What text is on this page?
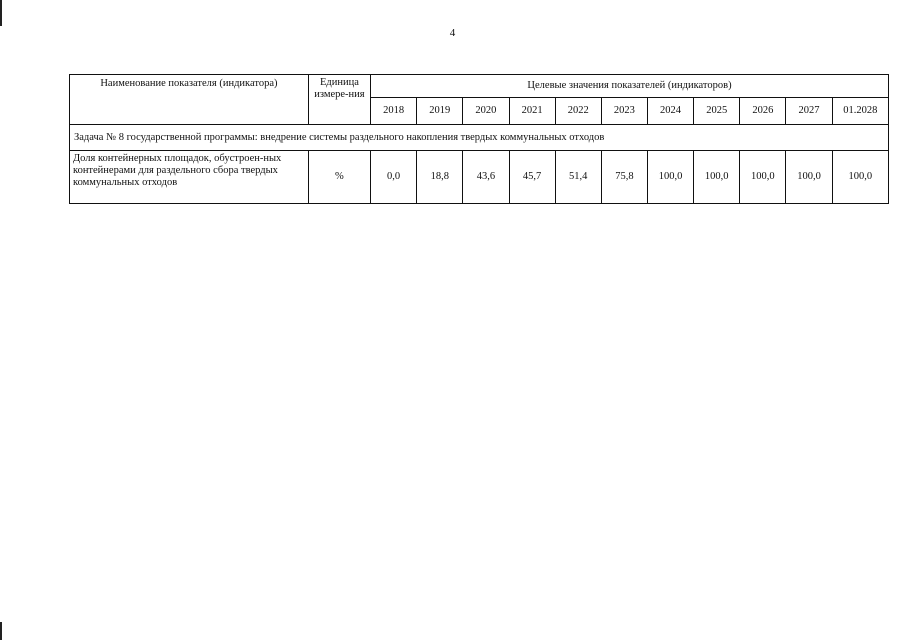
4
Наименование показателя (индикатора)	Единица измере-ния	Целевые значения показателей (индикаторов)										
		2018	2019	2020	2021	2022	2023	2024	2025	2026	2027	01.2028
Задача № 8 государственной программы: внедрение системы раздельного накопления твердых коммунальных отходов												
Доля контейнерных площадок, обустроен-ных контейнерами для раздельного сбора твердых коммунальных отходов	%	0,0	18,8	43,6	45,7	51,4	75,8	100,0	100,0	100,0	100,0	100,0
